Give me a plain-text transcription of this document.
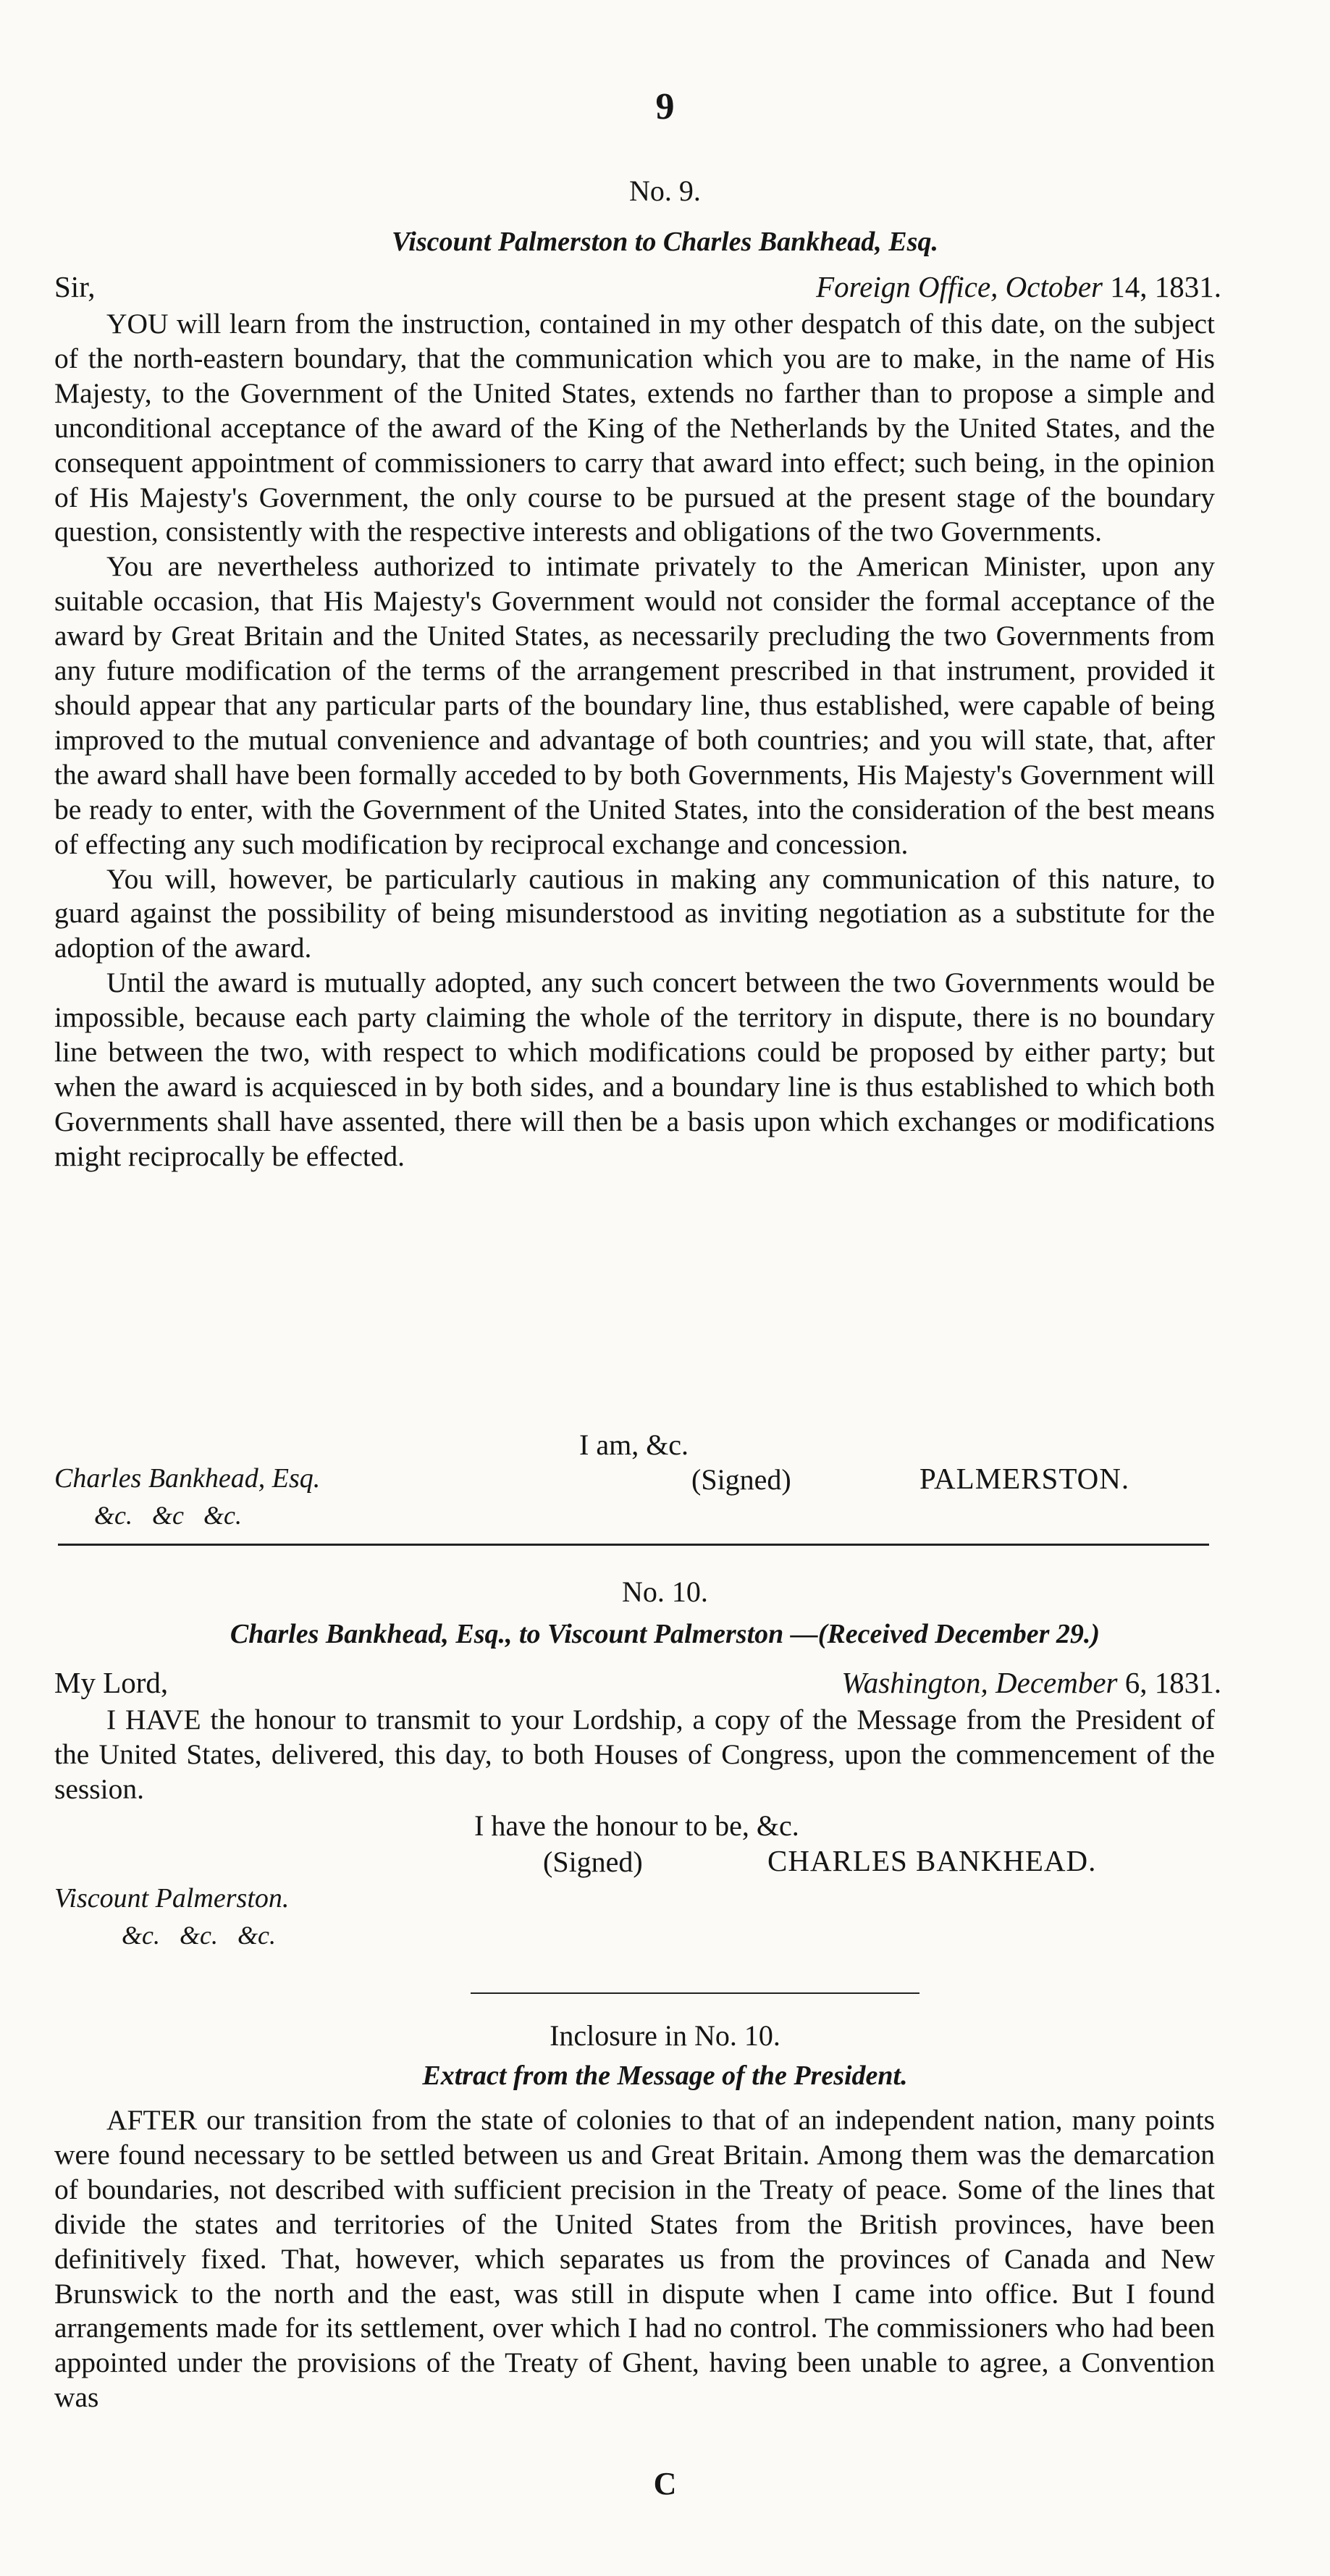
9
No. 9.
Viscount Palmerston to Charles Bankhead, Esq.
Sir,	Foreign Office, October 14, 1831.

YOU will learn from the instruction, contained in my other despatch of this date, on the subject of the north-eastern boundary, that the communication which you are to make, in the name of His Majesty, to the Government of the United States, extends no farther than to propose a simple and unconditional acceptance of the award of the King of the Netherlands by the United States, and the consequent appointment of commissioners to carry that award into effect; such being, in the opinion of His Majesty's Government, the only course to be pursued at the present stage of the boundary question, consistently with the respective interests and obligations of the two Governments.

You are nevertheless authorized to intimate privately to the American Minister, upon any suitable occasion, that His Majesty's Government would not consider the formal acceptance of the award by Great Britain and the United States, as necessarily precluding the two Governments from any future modification of the terms of the arrangement prescribed in that instrument, provided it should appear that any particular parts of the boundary line, thus established, were capable of being improved to the mutual convenience and advantage of both countries; and you will state, that, after the award shall have been formally acceded to by both Governments, His Majesty's Government will be ready to enter, with the Government of the United States, into the consideration of the best means of effecting any such modification by reciprocal exchange and concession.

You will, however, be particularly cautious in making any communication of this nature, to guard against the possibility of being misunderstood as inviting negotiation as a substitute for the adoption of the award.

Until the award is mutually adopted, any such concert between the two Governments would be impossible, because each party claiming the whole of the territory in dispute, there is no boundary line between the two, with respect to which modifications could be proposed by either party; but when the award is acquiesced in by both sides, and a boundary line is thus established to which both Governments shall have assented, there will then be a basis upon which exchanges or modifications might reciprocally be effected.

I am, &c.
Charles Bankhead, Esq.	(Signed)	PALMERSTON.
&c.   &c   &c.
No. 10.
Charles Bankhead, Esq., to Viscount Palmerston —(Received December 29.)
My Lord,	Washington, December 6, 1831.

I HAVE the honour to transmit to your Lordship, a copy of the Message from the President of the United States, delivered, this day, to both Houses of Congress, upon the commencement of the session.

I have the honour to be, &c.
(Signed)	CHARLES BANKHEAD.
Viscount Palmerston.
&c.   &c.   &c.
Inclosure in No. 10.
Extract from the Message of the President.

AFTER our transition from the state of colonies to that of an independent nation, many points were found necessary to be settled between us and Great Britain. Among them was the demarcation of boundaries, not described with sufficient precision in the Treaty of peace. Some of the lines that divide the states and territories of the United States from the British provinces, have been definitively fixed. That, however, which separates us from the provinces of Canada and New Brunswick to the north and the east, was still in dispute when I came into office. But I found arrangements made for its settlement, over which I had no control. The commissioners who had been appointed under the provisions of the Treaty of Ghent, having been unable to agree, a Convention was

C
